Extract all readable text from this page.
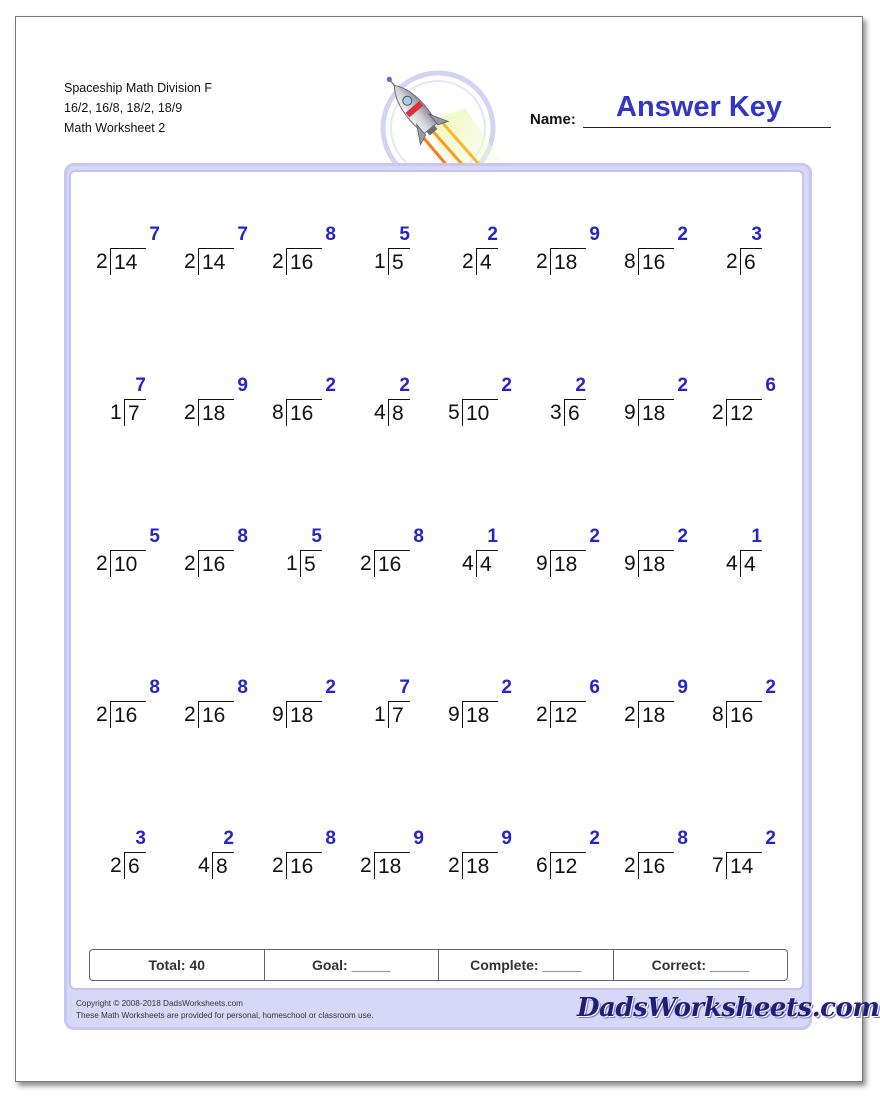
Spaceship Math Division F
16/2, 16/8, 18/2, 18/9
Math Worksheet 2	Name: Answer Key
7
2 14
7
2 14
8
2 16
5
1 5
2
2 4
9
2 18
2
8 16
3
2 6
7
1 7
9
2 18
2
8 16
2
4 8
2
5 10
2
3 6
2
9 18
6
2 12
5
2 10
8
2 16
5
1 5
8
2 16
1
4 4
2
9 18
2
9 18
1
4 4
8
2 16
8
2 16
2
9 18
7
1 7
2
9 18
6
2 12
9
2 18
2
8 16
3
2 6
2
4 8
8
2 16
9
2 18
9
2 18
2
6 12
8
2 16
2
7 14
Total: 40	Goal: _____	Complete: _____	Correct: _____
Copyright © 2008-2018 DadsWorksheets.com
These Math Worksheets are provided for personal, homeschool or classroom use.	DadsWorksheets.com
